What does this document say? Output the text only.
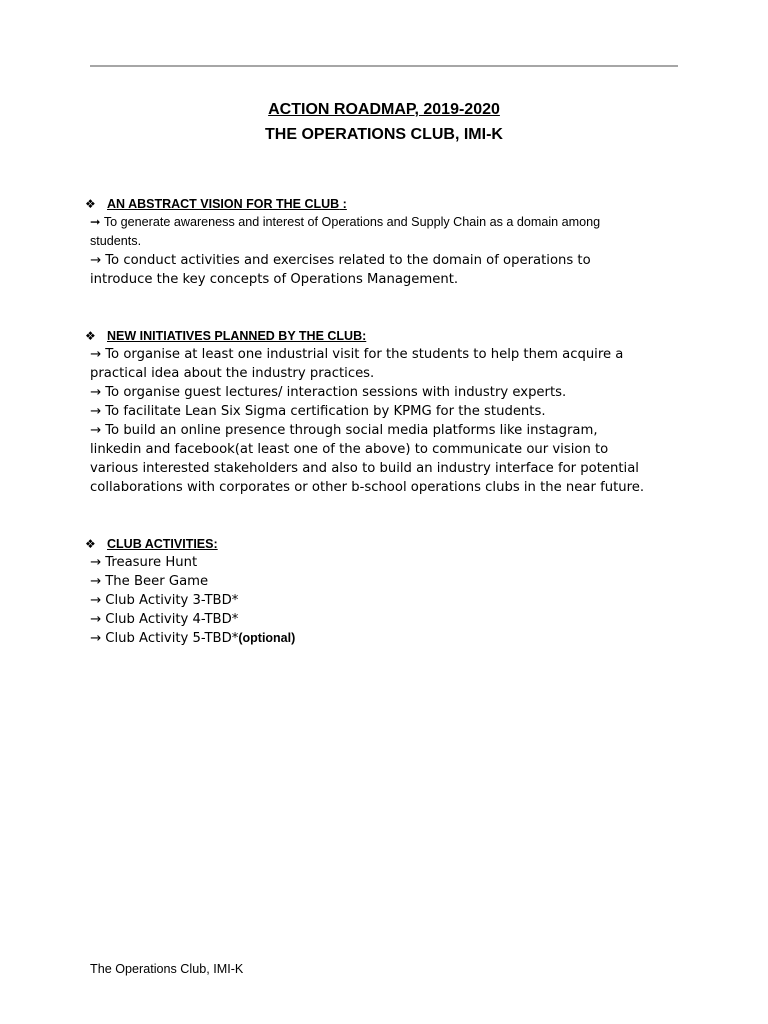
ACTION ROADMAP, 2019-2020
THE OPERATIONS CLUB, IMI-K
❖ AN ABSTRACT VISION FOR THE CLUB :
➞ To generate awareness and interest of Operations and Supply Chain as a domain among
students.
→ To conduct activities and exercises related to the domain of operations to
introduce the key concepts of Operations Management.
❖ NEW INITIATIVES PLANNED BY THE CLUB:
→ To organise at least one industrial visit for the students to help them acquire a
practical idea about the industry practices.
→ To organise guest lectures/ interaction sessions with industry experts.
→ To facilitate Lean Six Sigma certification by KPMG for the students.
→ To build an online presence through social media platforms like instagram,
linkedin and facebook(at least one of the above) to communicate our vision to
various interested stakeholders and also to build an industry interface for potential
collaborations with corporates or other b-school operations clubs in the near future.
❖ CLUB ACTIVITIES:
→ Treasure Hunt
→ The Beer Game
→ Club Activity 3-TBD*
→ Club Activity 4-TBD*
→ Club Activity 5-TBD*(optional)
The Operations Club, IMI-K
